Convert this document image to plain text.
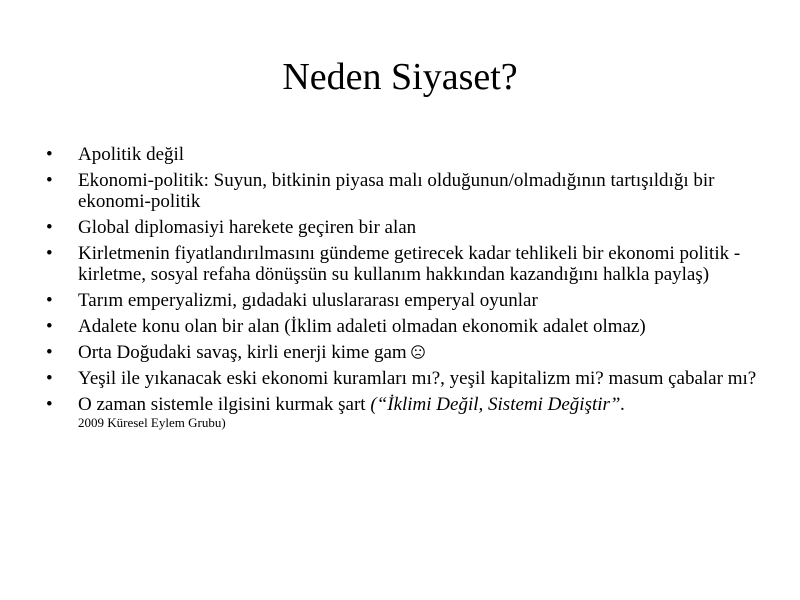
Neden Siyaset?
• Apolitik değil
• Ekonomi-politik: Suyun, bitkinin piyasa malı olduğunun/olmadığının tartışıldığı bir ekonomi-politik
• Global diplomasiyi harekete geçiren bir alan
• Kirletmenin fiyatlandırılmasını gündeme getirecek kadar tehlikeli bir ekonomi politik - kirletme, sosyal refaha dönüşsün su kullanım hakkından kazandığını halkla paylaş)
• Tarım emperyalizmi, gıdadaki uluslararası emperyal oyunlar
• Adalete konu olan bir alan (İklim adaleti olmadan ekonomik adalet olmaz)
• Orta Doğudaki savaş, kirli enerji kime gam
• Yeşil ile yıkanacak eski ekonomi kuramları mı?, yeşil kapitalizm mi? masum çabalar mı?
• O zaman sistemle ilgisini kurmak şart (“İklimi Değil, Sistemi Değiştir”.
2009 Küresel Eylem Grubu)
